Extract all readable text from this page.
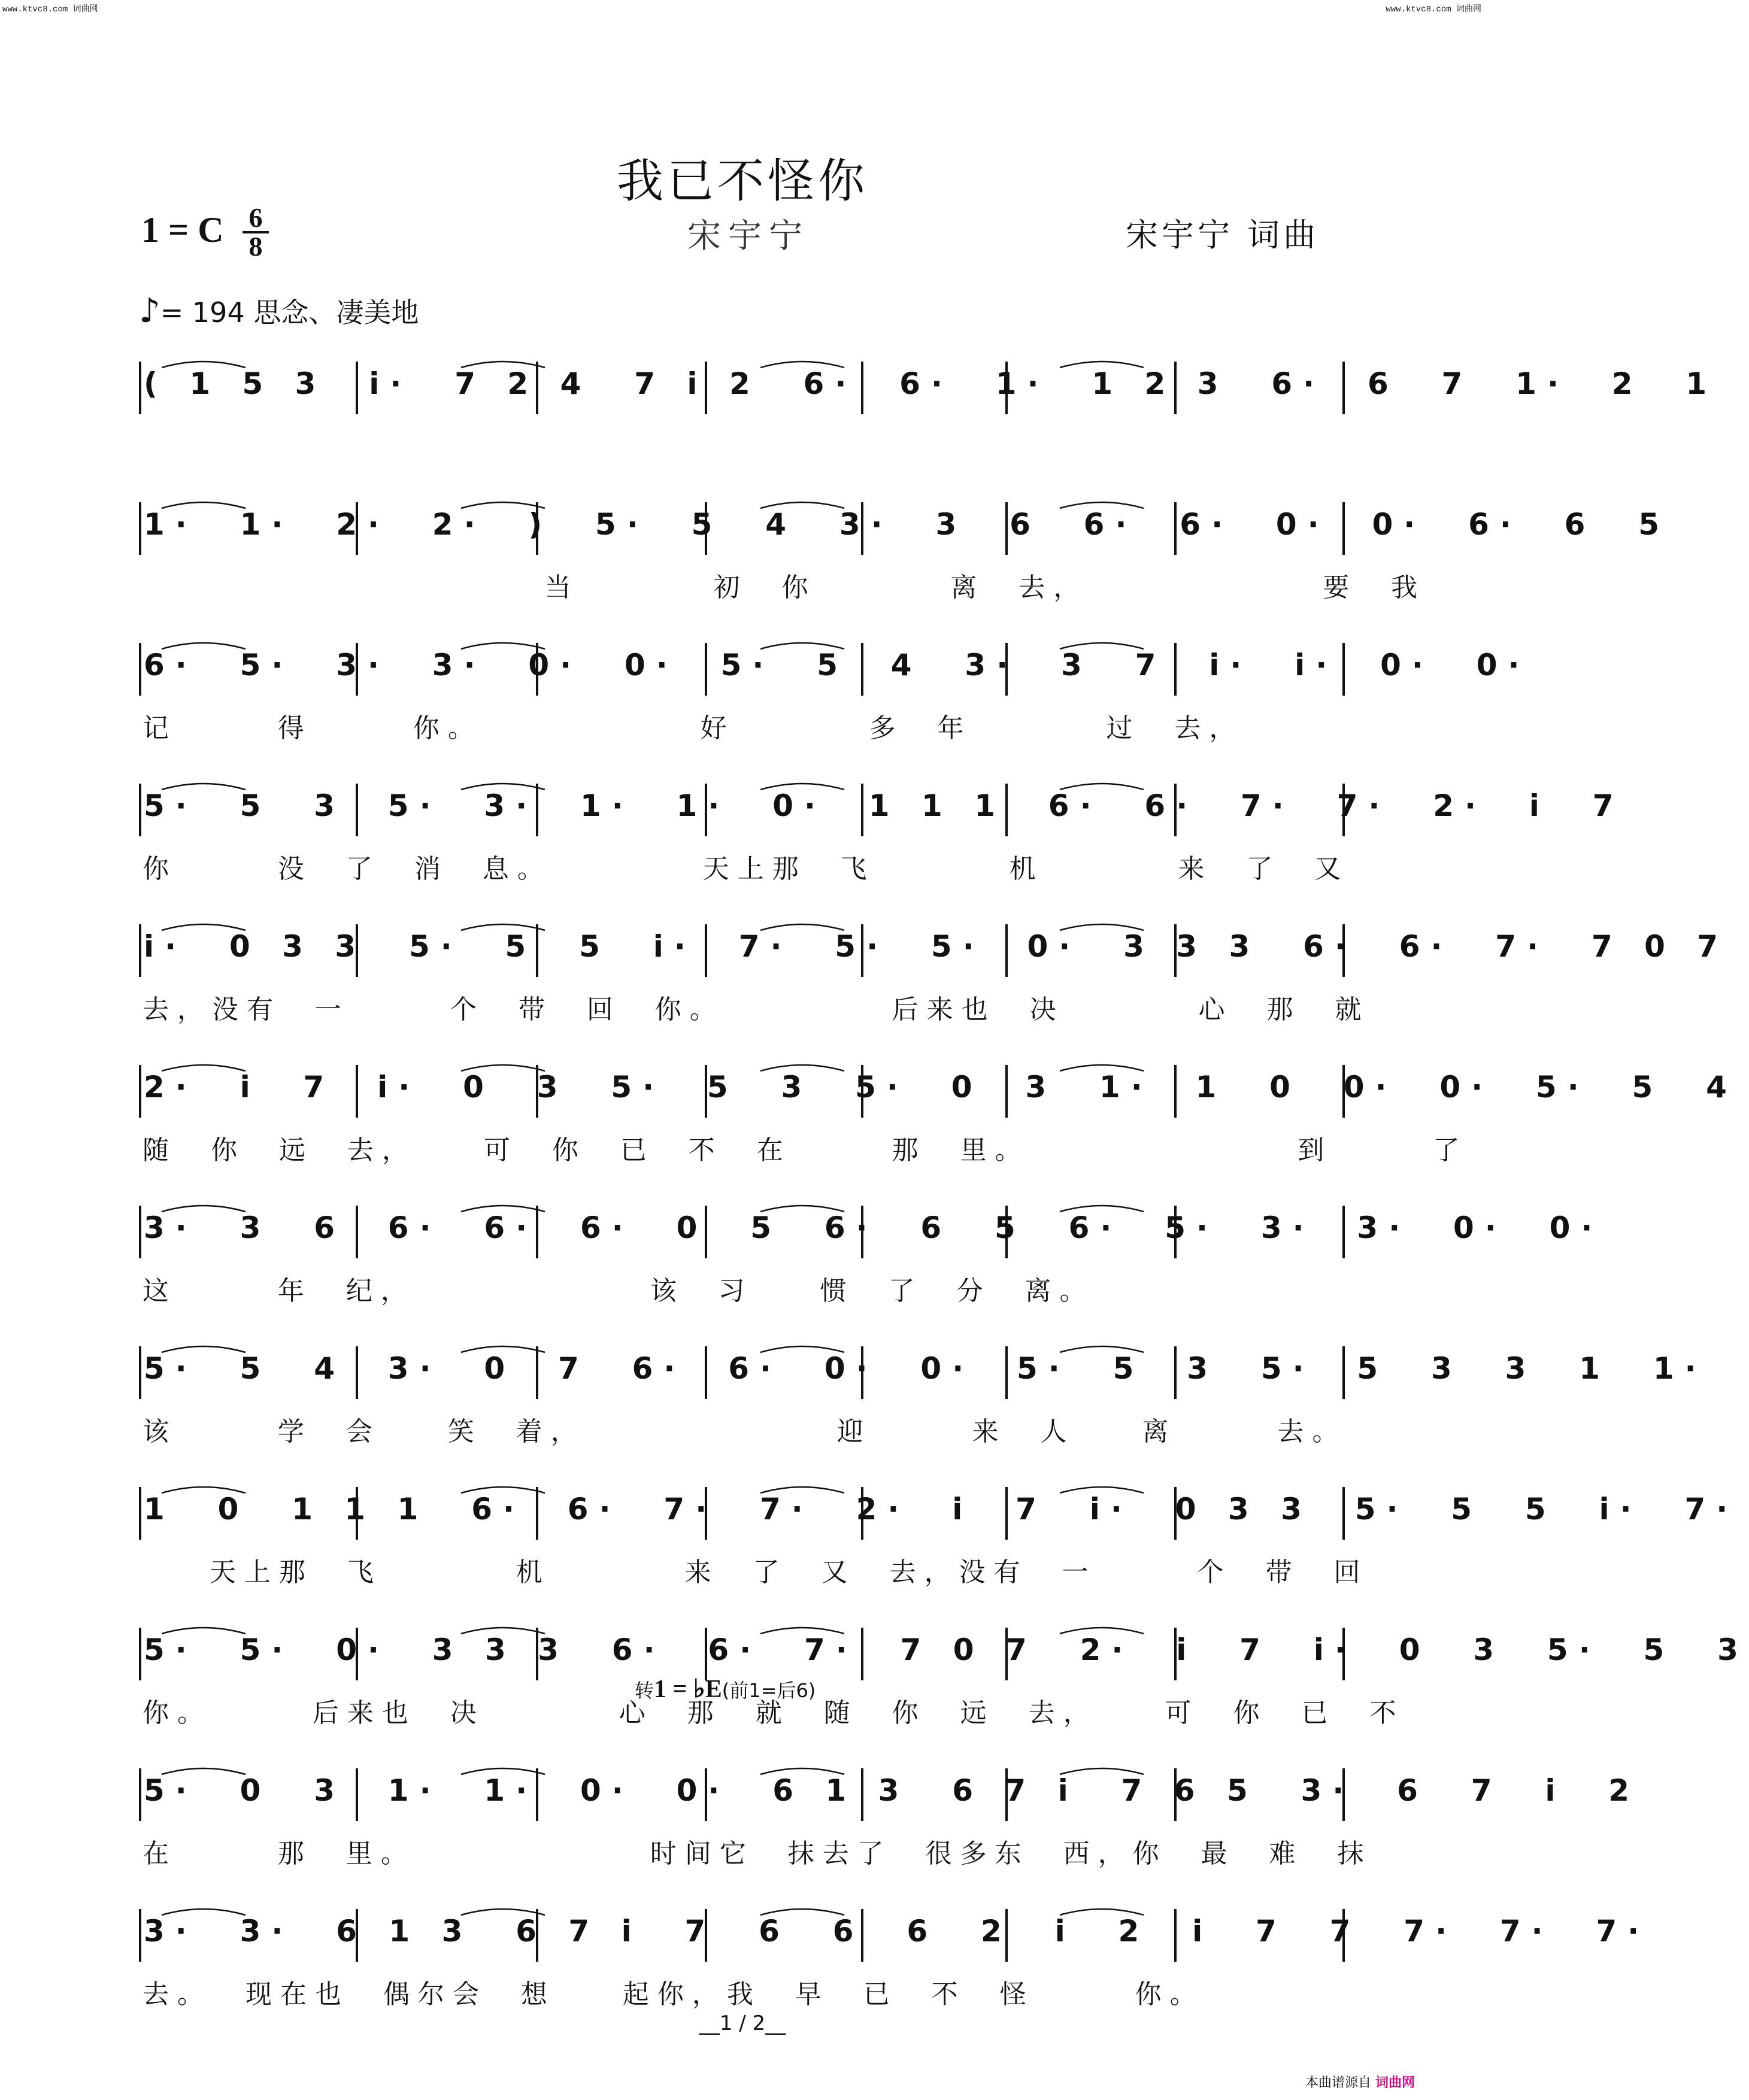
www.ktvc8.com 词曲网	www.ktvc8.com 词曲网
我已不怪你
1 = C 6
8	宋宇宁	宋宇宁 词曲
♪= 194 思念、凄美地
( 1 5 3  i·  7 2 4  7 i 2  6·  6·  1·  1 2 3  6·  6  7  1·  2  1
1·  1·  2·  2·  )  5·  5  4  3·  3  6  6·  6·  0·  0·  6·  6  5
当        初  你        离  去，              要  我
6·  5·  3·  3·  0·  0·  5·  5  4  3·  3  7  i·  i·  0·  0·
记      得      你。             好        多  年        过  去，
5·  5  3  5·  3·  1·  1·  0·  1 1 1  6·  6·  7·  7·  2·  i  7
你      没  了  消  息。         天上那  飞        机        来  了  又
i·  0 3 3  5·  5  5  i·  7·  5·  5·  0·  3 3 3  6·  6·  7·  7 0 7
去，没有  一      个  带  回  你。          后来也  决        心  那  就
2·  i  7  i·  0  3  5·  5  3  5·  0  3  1·  1  0  0·  0·  5·  5  4
随  你  远  去，    可  你  已  不  在      那  里。                到      了
3·  3  6  6·  6·  6·  0  5  6·  6  5  6·  5·  3·  3·  0·  0·
这      年  纪，              该  习    惯  了  分  离。
5·  5  4  3·  0  7  6·  6·  0·  0·  5·  5  3  5·  5  3  3  1  1·
该      学  会    笑  着，               迎      来  人    离      去。
1  0  1 1 1  6·  6·  7·  7·  2·  i  7  i·  0 3 3  5·  5  5  i·  7·
天上那  飞        机        来  了  又  去，没有  一      个  带  回
5·  5·  0·  3 3 3  6·  6·  7·  7 0 7  2·  i  7  i·  0  3  5·  5  3
你。      后来也  决        心  那  就  随  你  远  去，    可  你  已  不
5·  0  3  1·  1·  0·  0·  6 1 3  6 7 i  7 6 5  3·  6  7  i  2
在      那  里。              时间它  抹去了  很多东  西，你  最  难  抹
3·  3·  6 1 3  6 7 i  7  6  6  6  2  i  2  i  7  7  7·  7·  7·
去。  现在也  偶尔会  想    起你，我  早  已  不  怪      你。
转1 = ♭E(前1=后6)
__1 / 2__
本曲谱源自 词曲网
